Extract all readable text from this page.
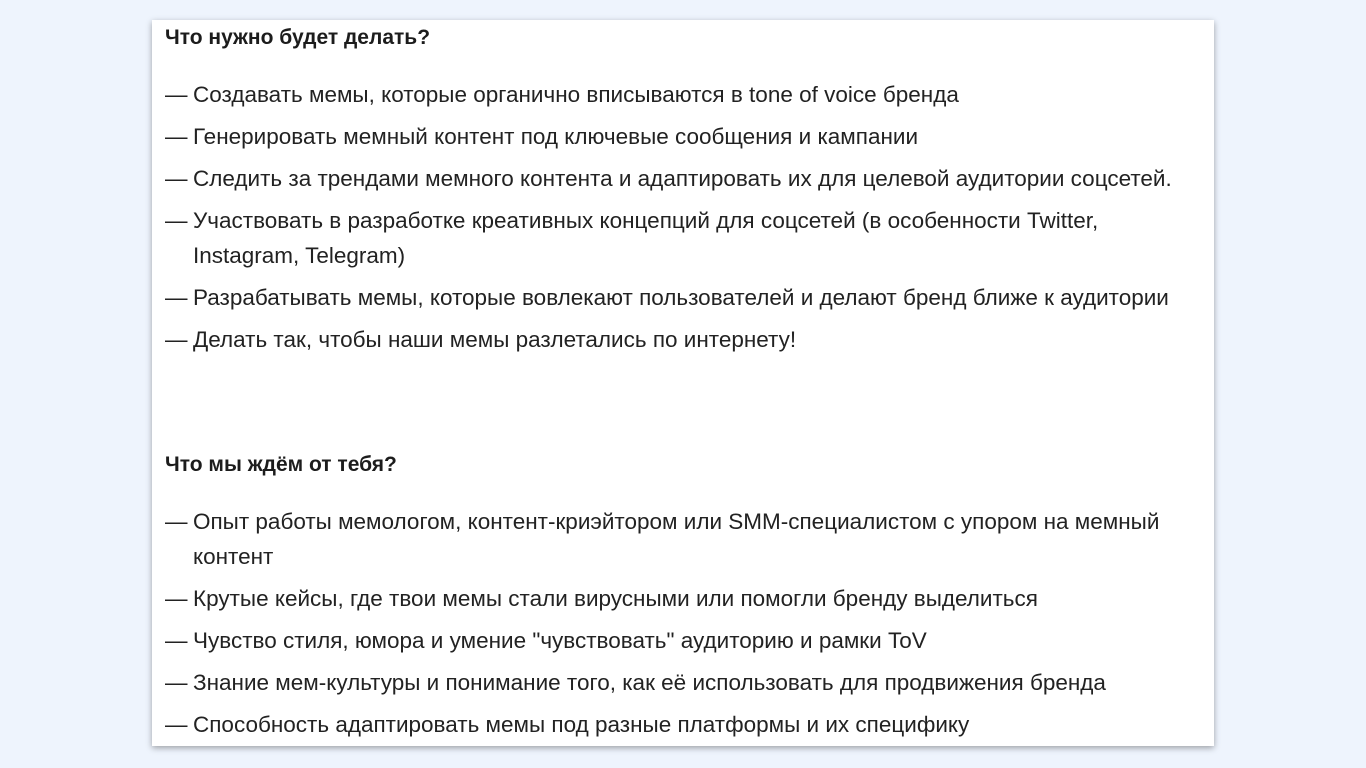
Что нужно будет делать?
— Создавать мемы, которые органично вписываются в tone of voice бренда
— Генерировать мемный контент под ключевые сообщения и кампании
— Следить за трендами мемного контента и адаптировать их для целевой аудитории соцсетей.
— Участвовать в разработке креативных концепций для соцсетей (в особенности Twitter, Instagram, Telegram)
— Разрабатывать мемы, которые вовлекают пользователей и делают бренд ближе к аудитории
— Делать так, чтобы наши мемы разлетались по интернету!
Что мы ждём от тебя?
— Опыт работы мемологом, контент-криэйтором или SMM-специалистом с упором на мемный контент
— Крутые кейсы, где твои мемы стали вирусными или помогли бренду выделиться
— Чувство стиля, юмора и умение "чувствовать" аудиторию и рамки ToV
— Знание мем-культуры и понимание того, как её использовать для продвижения бренда
— Способность адаптировать мемы под разные платформы и их специфику
